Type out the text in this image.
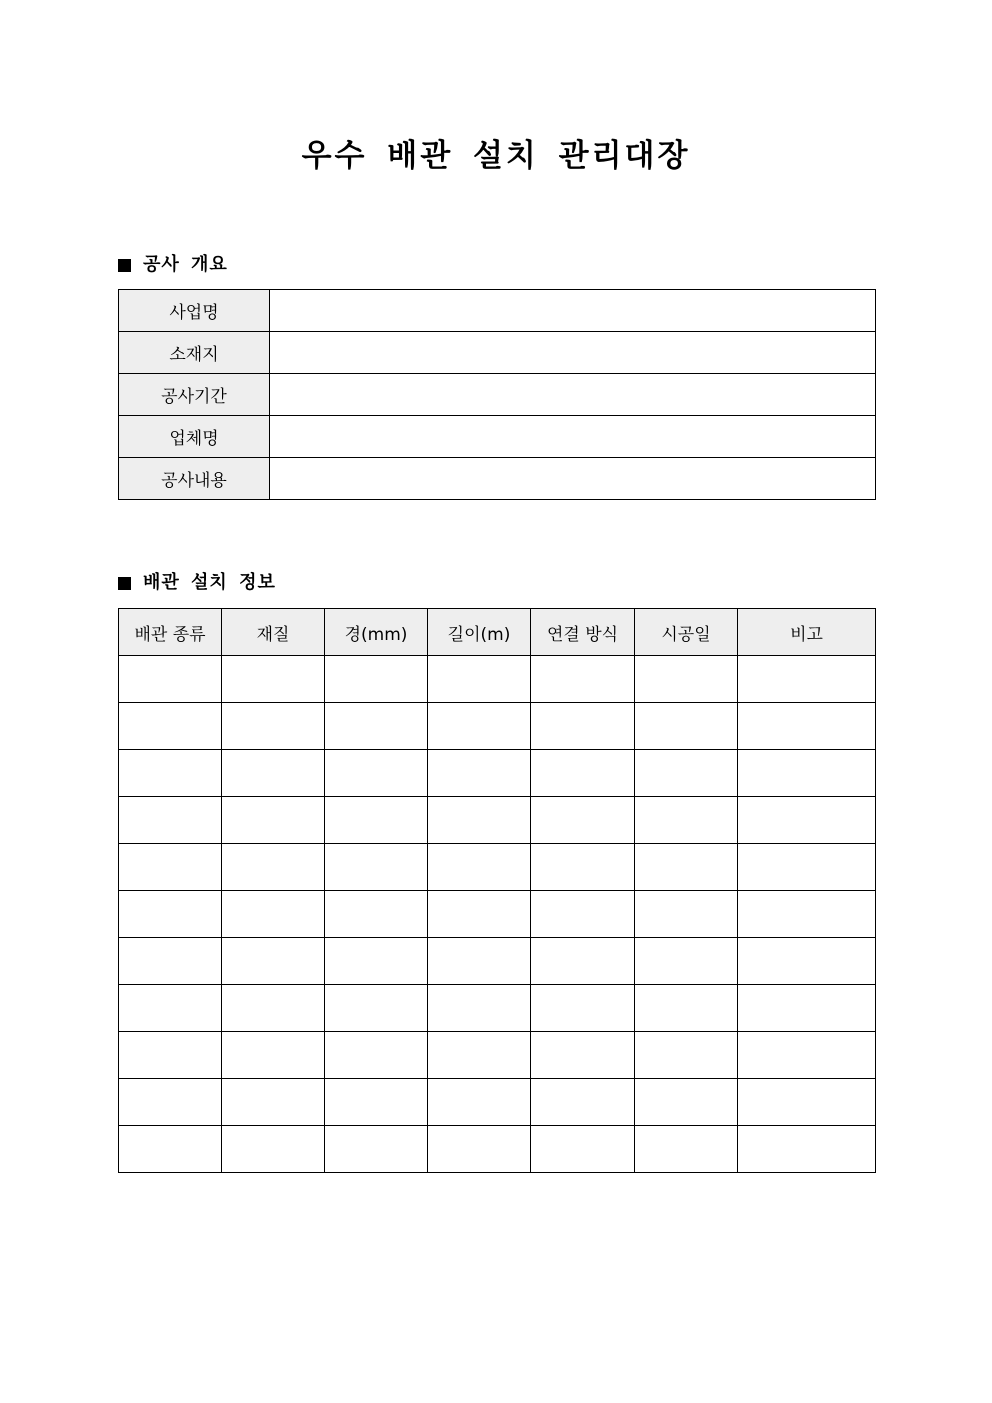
우수 배관 설치 관리대장
공사 개요
사업명	
소재지	
공사기간	
업체명	
공사내용	
배관 설치 정보
배관 종류	재질	경(mm)	길이(m)	연결 방식	시공일	비고
